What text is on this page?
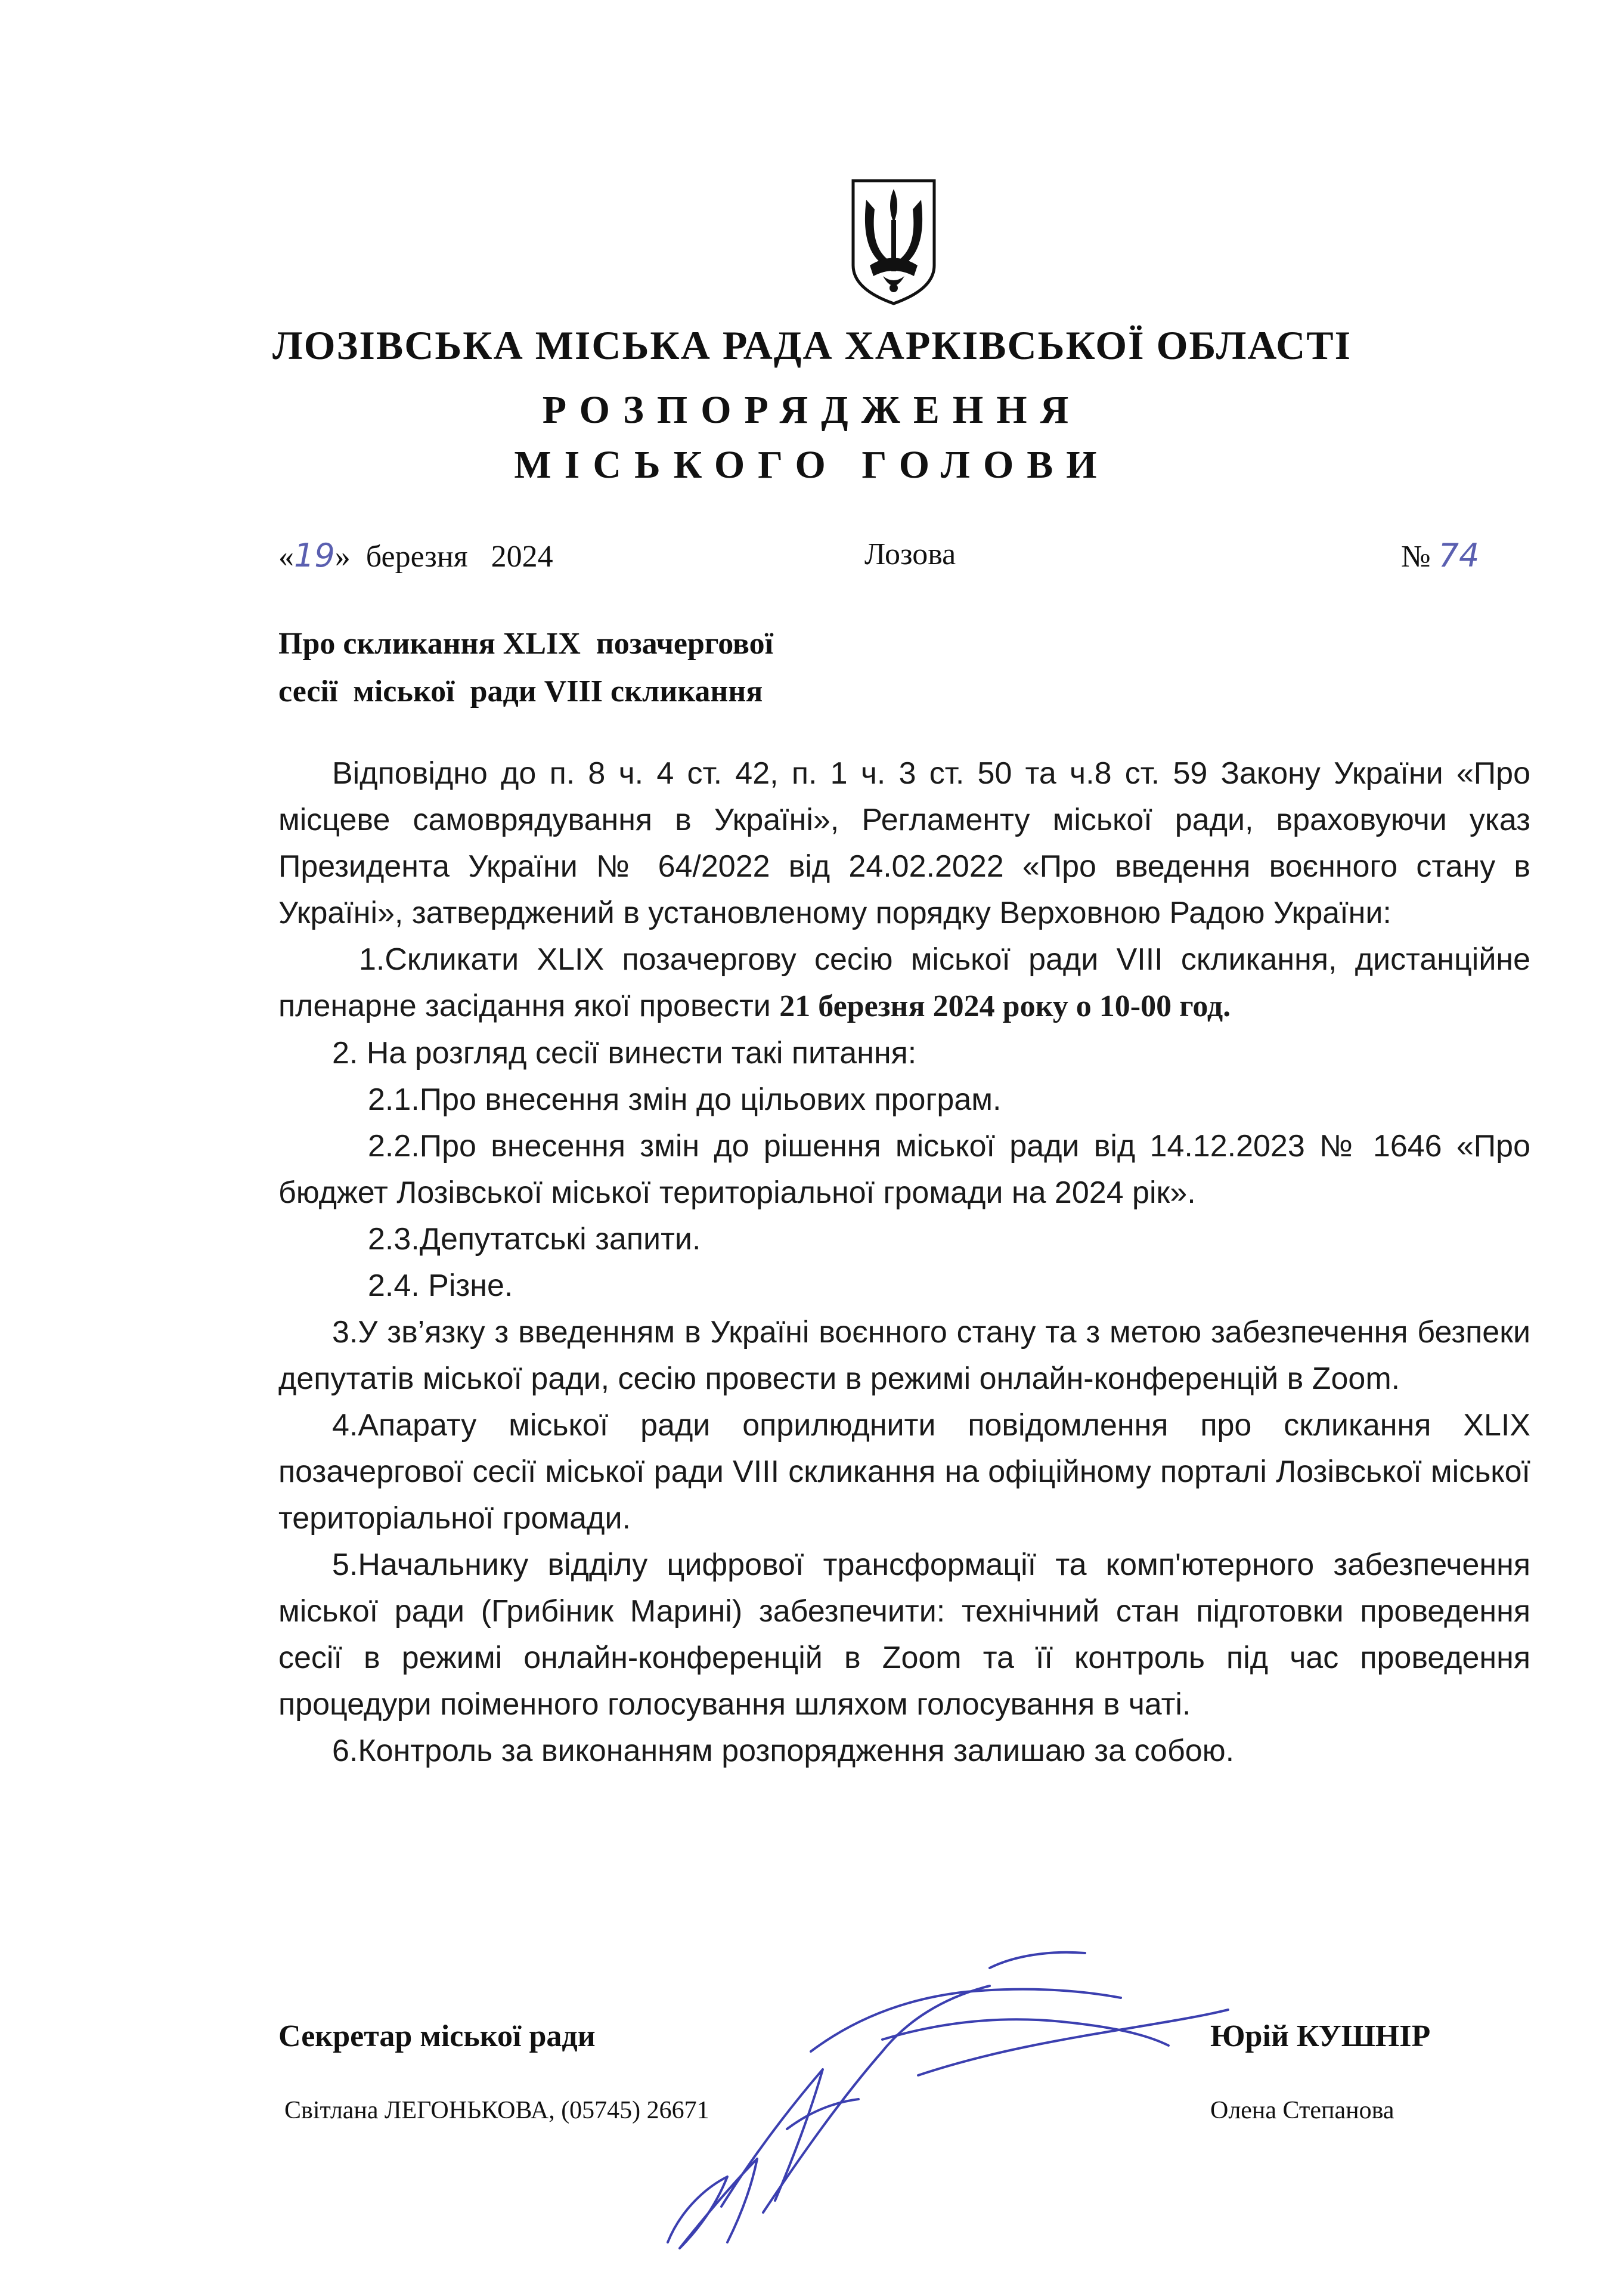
ЛОЗІВСЬКА МІСЬКА РАДА ХАРКІВСЬКОЇ ОБЛАСТІ
РОЗПОРЯДЖЕННЯ
МІСЬКОГО ГОЛОВИ
«19» березня   2024	Лозова	№ 74
Про скликання XLIX  позачергової
сесії  міської  ради VIII скликання

Відповідно до п. 8 ч. 4 ст. 42, п. 1 ч. 3 ст. 50 та ч.8 ст. 59 Закону України «Про місцеве самоврядування в Україні», Регламенту міської ради, враховуючи указ Президента України № 64/2022 від 24.02.2022 «Про введення воєнного стану в Україні», затверджений в установленому порядку Верховною Радою України:

1.Скликати XLIX позачергову сесію міської ради VIII скликання, дистанційне пленарне засідання якої провести 21 березня 2024 року о 10-00 год.

2. На розгляд сесії винести такі питання:

2.1.Про внесення змін до цільових програм.

2.2.Про внесення змін до рішення міської ради від 14.12.2023 № 1646 «Про бюджет Лозівської міської територіальної громади на 2024 рік».

2.3.Депутатські запити.

2.4. Різне.

3.У зв’язку з введенням в Україні воєнного стану та з метою забезпечення безпеки депутатів міської ради, сесію провести в режимі онлайн-конференцій в Zoom.

4.Апарату міської ради оприлюднити повідомлення про скликання XLIX позачергової сесії міської ради VIII скликання на офіційному порталі Лозівської міської територіальної громади.

5.Начальнику відділу цифрової трансформації та комп'ютерного забезпечення міської ради (Грибіник Марині) забезпечити: технічний стан підготовки проведення сесії в режимі онлайн-конференцій в Zoom та її контроль під час проведення процедури поіменного голосування шляхом голосування в чаті.

6.Контроль за виконанням розпорядження залишаю за собою.

Секретар міської ради	Юрій КУШНІР
Світлана ЛЕГОНЬКОВА, (05745) 26671	Олена Степанова
